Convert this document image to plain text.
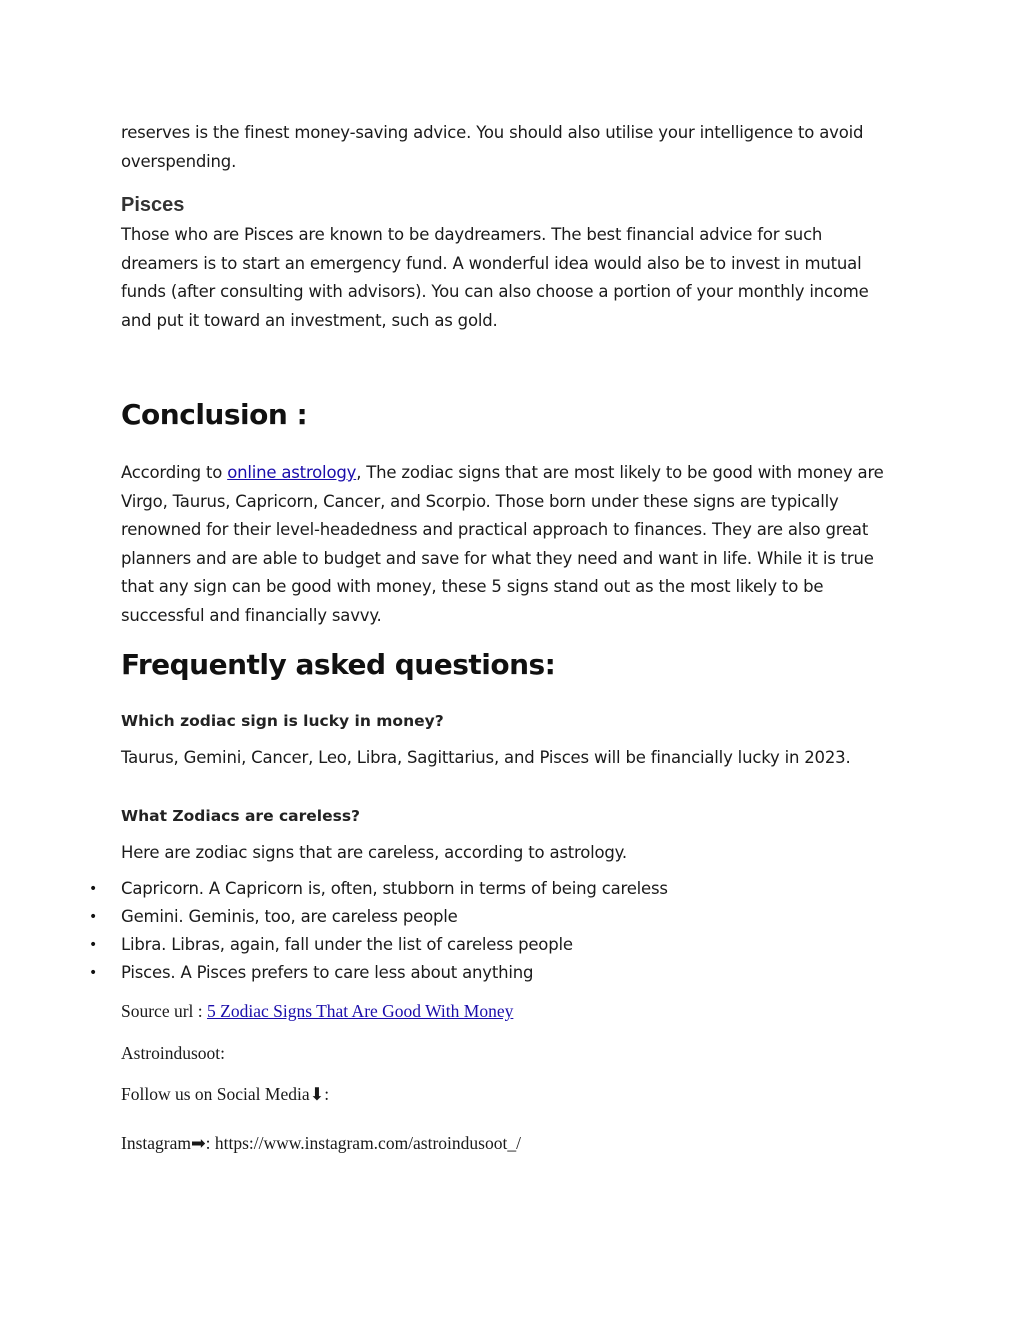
reserves is the finest money-saving advice. You should also utilise your intelligence to avoid overspending.

Pisces

Those who are Pisces are known to be daydreamers. The best financial advice for such dreamers is to start an emergency fund. A wonderful idea would also be to invest in mutual funds (after consulting with advisors). You can also choose a portion of your monthly income and put it toward an investment, such as gold.

Conclusion :

According to online astrology, The zodiac signs that are most likely to be good with money are Virgo, Taurus, Capricorn, Cancer, and Scorpio. Those born under these signs are typically renowned for their level-headedness and practical approach to finances. They are also great planners and are able to budget and save for what they need and want in life. While it is true that any sign can be good with money, these 5 signs stand out as the most likely to be successful and financially savvy.

Frequently asked questions:

Which zodiac sign is lucky in money?

Taurus, Gemini, Cancer, Leo, Libra, Sagittarius, and Pisces will be financially lucky in 2023.

What Zodiacs are careless?

Here are zodiac signs that are careless, according to astrology.

• Capricorn. A Capricorn is, often, stubborn in terms of being careless
• Gemini. Geminis, too, are careless people
• Libra. Libras, again, fall under the list of careless people
• Pisces. A Pisces prefers to care less about anything

Source url : 5 Zodiac Signs That Are Good With Money

Astroindusoot:

Follow us on Social Media⬇:

Instagram➡: https://www.instagram.com/astroindusoot_/
